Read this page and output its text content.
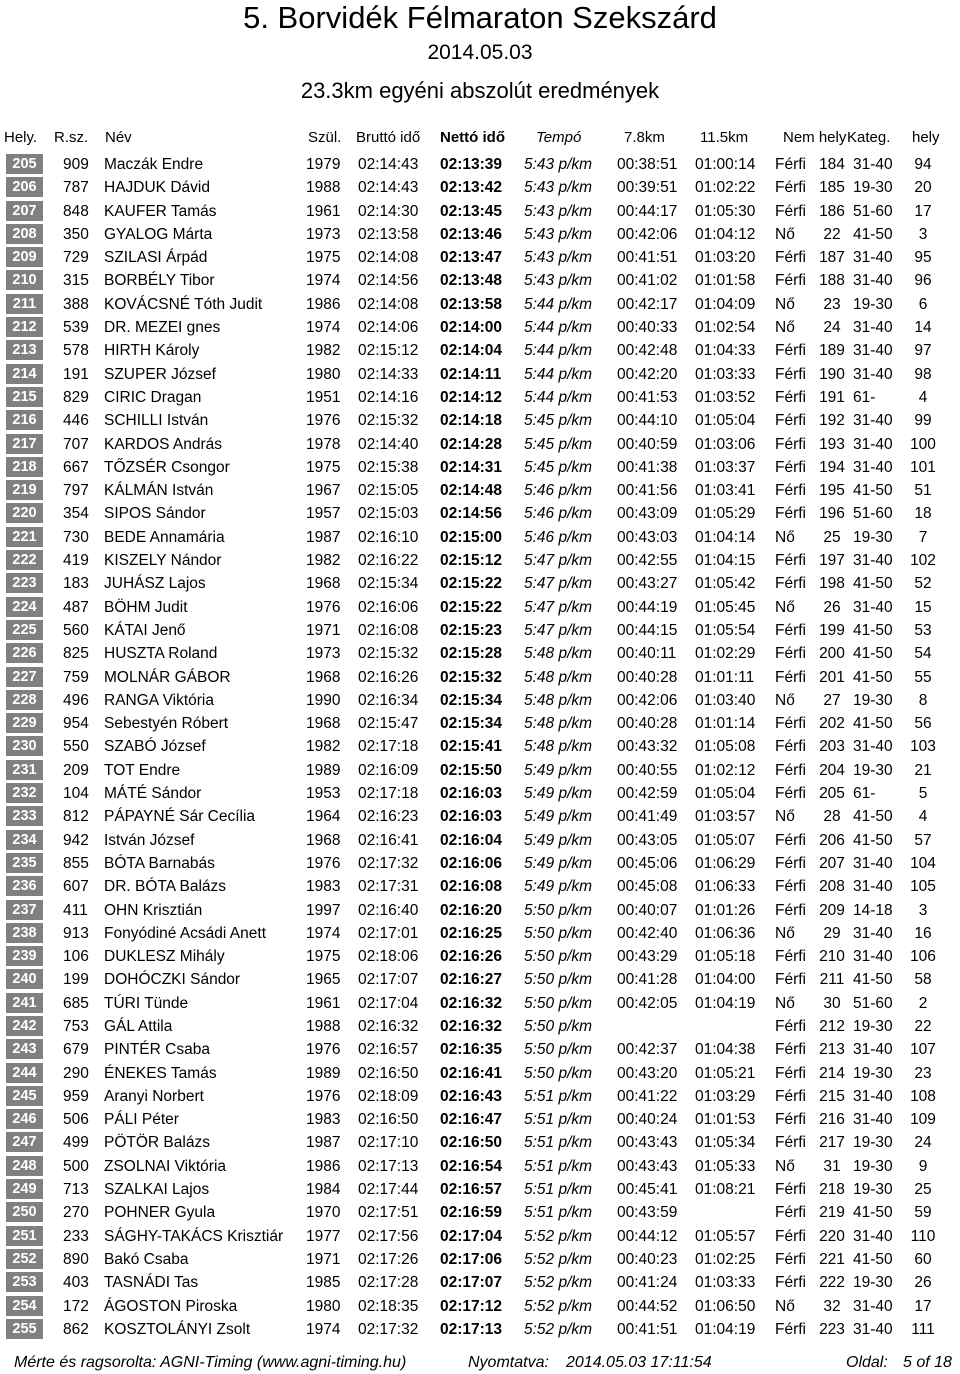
5. Borvidék Félmaraton Szekszárd
2014.05.03
23.3km egyéni abszolút eredmények
Hely. R.sz. Név	Szül. Bruttó idő Nettó idő Tempó	7.8km 11.5km Nem hely Kateg. hely
205	909 Maczák Endre	1979 02:14:43 02:13:39 5:43 p/km 00:38:51 01:00:14 Férfi 184 31-40	94
206	787 HAJDUK Dávid	1988 02:14:43 02:13:42 5:43 p/km 00:39:51 01:02:22 Férfi 185 19-30	20
207	848 KAUFER Tamás	1961 02:14:30 02:13:45 5:43 p/km 00:44:17 01:05:30 Férfi 186 51-60	17
208	350 GYALOG Márta	1973 02:13:58 02:13:46 5:43 p/km 00:42:06 01:04:12 Nő 22 41-50	3
209	729 SZILASI Árpád	1975 02:14:08 02:13:47 5:43 p/km 00:41:51 01:03:20 Férfi 187 31-40	95
210	315 BORBÉLY Tibor	1974 02:14:56 02:13:48 5:43 p/km 00:41:02 01:01:58 Férfi 188 31-40	96
211	388 KOVÁCSNÉ Tóth Judit	1986 02:14:08 02:13:58 5:44 p/km 00:42:17 01:04:09 Nő 23 19-30	6
212	539 DR. MEZEI gnes	1974 02:14:06 02:14:00 5:44 p/km 00:40:33 01:02:54 Nő 24 31-40	14
213	578 HIRTH Károly	1982 02:15:12 02:14:04 5:44 p/km 00:42:48 01:04:33 Férfi 189 31-40	97
214	191 SZUPER József	1980 02:14:33 02:14:11 5:44 p/km 00:42:20 01:03:33 Férfi 190 31-40	98
215	829 CIRIC Dragan	1951 02:14:16 02:14:12 5:44 p/km 00:41:53 01:03:52 Férfi 191 61-	4
216	446 SCHILLI István	1976 02:15:32 02:14:18 5:45 p/km 00:44:10 01:05:04 Férfi 192 31-40	99
217	707 KARDOS András	1978 02:14:40 02:14:28 5:45 p/km 00:40:59 01:03:06 Férfi 193 31-40	100
218	667 TŐZSÉR Csongor	1975 02:15:38 02:14:31 5:45 p/km 00:41:38 01:03:37 Férfi 194 31-40	101
219	797 KÁLMÁN István	1967 02:15:05 02:14:48 5:46 p/km 00:41:56 01:03:41 Férfi 195 41-50	51
220	354 SIPOS Sándor	1957 02:15:03 02:14:56 5:46 p/km 00:43:09 01:05:29 Férfi 196 51-60	18
221	730 BEDE Annamária	1987 02:16:10 02:15:00 5:46 p/km 00:43:03 01:04:14 Nő 25 19-30	7
222	419 KISZELY Nándor	1982 02:16:22 02:15:12 5:47 p/km 00:42:55 01:04:15 Férfi 197 31-40	102
223	183 JUHÁSZ Lajos	1968 02:15:34 02:15:22 5:47 p/km 00:43:27 01:05:42 Férfi 198 41-50	52
224	487 BÖHM Judit	1976 02:16:06 02:15:22 5:47 p/km 00:44:19 01:05:45 Nő 26 31-40	15
225	560 KÁTAI Jenő	1971 02:16:08 02:15:23 5:47 p/km 00:44:15 01:05:54 Férfi 199 41-50	53
226	825 HUSZTA Roland	1973 02:15:32 02:15:28 5:48 p/km 00:40:11 01:02:29 Férfi 200 41-50	54
227	759 MOLNÁR GÁBOR	1968 02:16:26 02:15:32 5:48 p/km 00:40:28 01:01:11 Férfi 201 41-50	55
228	496 RANGA Viktória	1990 02:16:34 02:15:34 5:48 p/km 00:42:06 01:03:40 Nő 27 19-30	8
229	954 Sebestyén Róbert	1968 02:15:47 02:15:34 5:48 p/km 00:40:28 01:01:14 Férfi 202 41-50	56
230	550 SZABÓ József	1982 02:17:18 02:15:41 5:48 p/km 00:43:32 01:05:08 Férfi 203 31-40	103
231	209 TOT Endre	1989 02:16:09 02:15:50 5:49 p/km 00:40:55 01:02:12 Férfi 204 19-30	21
232	104 MÁTÉ Sándor	1953 02:17:18 02:16:03 5:49 p/km 00:42:59 01:05:04 Férfi 205 61-	5
233	812 PÁPAYNÉ Sár Cecília	1964 02:16:23 02:16:03 5:49 p/km 00:41:49 01:03:57 Nő 28 41-50	4
234	942 István József	1968 02:16:41 02:16:04 5:49 p/km 00:43:05 01:05:07 Férfi 206 41-50	57
235	855 BÓTA Barnabás	1976 02:17:32 02:16:06 5:49 p/km 00:45:06 01:06:29 Férfi 207 31-40	104
236	607 DR. BÓTA Balázs	1983 02:17:31 02:16:08 5:49 p/km 00:45:08 01:06:33 Férfi 208 31-40	105
237	411 OHN Krisztián	1997 02:16:40 02:16:20 5:50 p/km 00:40:07 01:01:26 Férfi 209 14-18	3
238	913 Fonyódiné Acsádi Anett	1974 02:17:01 02:16:25 5:50 p/km 00:42:40 01:06:36 Nő 29 31-40	16
239	106 DUKLESZ Mihály	1975 02:18:06 02:16:26 5:50 p/km 00:43:29 01:05:18 Férfi 210 31-40	106
240	199 DOHÓCZKI Sándor	1965 02:17:07 02:16:27 5:50 p/km 00:41:28 01:04:00 Férfi 211 41-50	58
241	685 TÚRI Tünde	1961 02:17:04 02:16:32 5:50 p/km 00:42:05 01:04:19 Nő 30 51-60	2
242	753 GÁL Attila	1988 02:16:32 02:16:32 5:50 p/km	Férfi 212 19-30	22
243	679 PINTÉR Csaba	1976 02:16:57 02:16:35 5:50 p/km 00:42:37 01:04:38 Férfi 213 31-40	107
244	290 ÉNEKES Tamás	1989 02:16:50 02:16:41 5:50 p/km 00:43:20 01:05:21 Férfi 214 19-30	23
245	959 Aranyi Norbert	1976 02:18:09 02:16:43 5:51 p/km 00:41:22 01:03:29 Férfi 215 31-40	108
246	506 PÁLI Péter	1983 02:16:50 02:16:47 5:51 p/km 00:40:24 01:01:53 Férfi 216 31-40	109
247	499 PÖTÖR Balázs	1987 02:17:10 02:16:50 5:51 p/km 00:43:43 01:05:34 Férfi 217 19-30	24
248	500 ZSOLNAI Viktória	1986 02:17:13 02:16:54 5:51 p/km 00:43:43 01:05:33 Nő 31 19-30	9
249	713 SZALKAI Lajos	1984 02:17:44 02:16:57 5:51 p/km 00:45:41 01:08:21 Férfi 218 19-30	25
250	270 POHNER Gyula	1970 02:17:51 02:16:59 5:51 p/km 00:43:59	Férfi 219 41-50	59
251	233 SÁGHY-TAKÁCS Krisztiár 1977 02:17:56 02:17:04 5:52 p/km 00:44:12 01:05:57 Férfi 220 31-40	110
252	890 Bakó Csaba	1971 02:17:26 02:17:06 5:52 p/km 00:40:23 01:02:25 Férfi 221 41-50	60
253	403 TASNÁDI Tas	1985 02:17:28 02:17:07 5:52 p/km 00:41:24 01:03:33 Férfi 222 19-30	26
254	172 ÁGOSTON Piroska	1980 02:18:35 02:17:12 5:52 p/km 00:44:52 01:06:50 Nő 32 31-40	17
255	862 KOSZTOLÁNYI Zsolt	1974 02:17:32 02:17:13 5:52 p/km 00:41:51 01:04:19 Férfi 223 31-40	111
Mérte és ragsorolta: AGNI-Timing (www.agni-timing.hu)	Nyomtatva: 2014.05.03 17:11:54	Oldal: 5 of 18
